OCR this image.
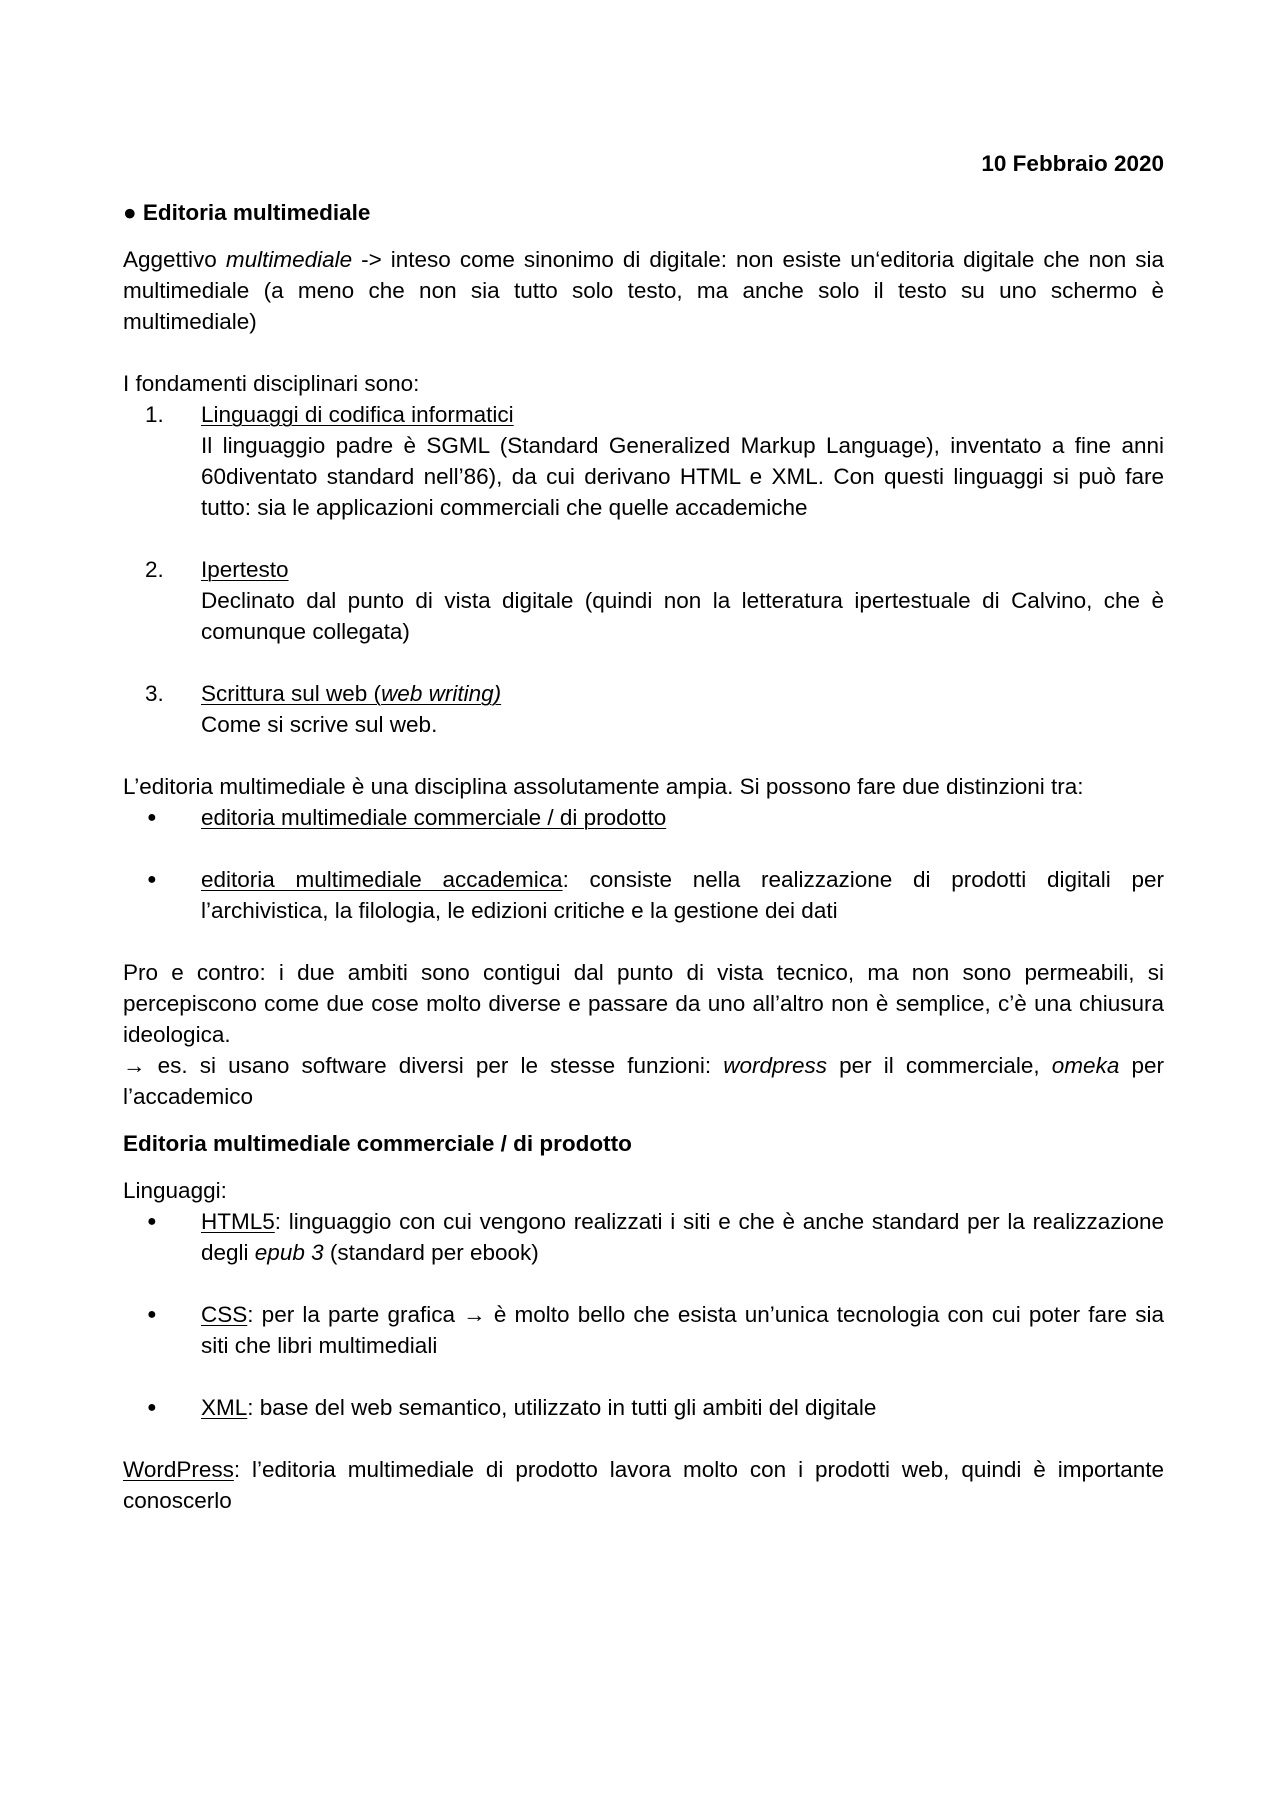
10 Febbraio 2020

● Editoria multimediale

Aggettivo multimediale -> inteso come sinonimo di digitale: non esiste un‘editoria digitale che non sia multimediale (a meno che non sia tutto solo testo, ma anche solo il testo su uno schermo è multimediale)

I fondamenti disciplinari sono:

1. Linguaggi di codifica informatici
Il linguaggio padre è SGML (Standard Generalized Markup Language), inventato a fine anni 60diventato standard nell’86), da cui derivano HTML e XML. Con questi linguaggi si può fare tutto: sia le applicazioni commerciali che quelle accademiche
2. Ipertesto
Declinato dal punto di vista digitale (quindi non la letteratura ipertestuale di Calvino, che è comunque collegata)
3. Scrittura sul web (web writing)
Come si scrive sul web.

L’editoria multimediale è una disciplina assolutamente ampia. Si possono fare due distinzioni tra:

● editoria multimediale commerciale / di prodotto
● editoria multimediale accademica: consiste nella realizzazione di prodotti digitali per l’archivistica, la filologia, le edizioni critiche e la gestione dei dati

Pro e contro: i due ambiti sono contigui dal punto di vista tecnico, ma non sono permeabili, si percepiscono come due cose molto diverse e passare da uno all’altro non è semplice, c’è una chiusura ideologica.

→ es. si usano software diversi per le stesse funzioni: wordpress per il commerciale, omeka per l’accademico

Editoria multimediale commerciale / di prodotto

Linguaggi:

● HTML5: linguaggio con cui vengono realizzati i siti e che è anche standard per la realizzazione degli epub 3 (standard per ebook)
● CSS: per la parte grafica → è molto bello che esista un’unica tecnologia con cui poter fare sia siti che libri multimediali
● XML: base del web semantico, utilizzato in tutti gli ambiti del digitale

WordPress: l’editoria multimediale di prodotto lavora molto con i prodotti web, quindi è importante conoscerlo
